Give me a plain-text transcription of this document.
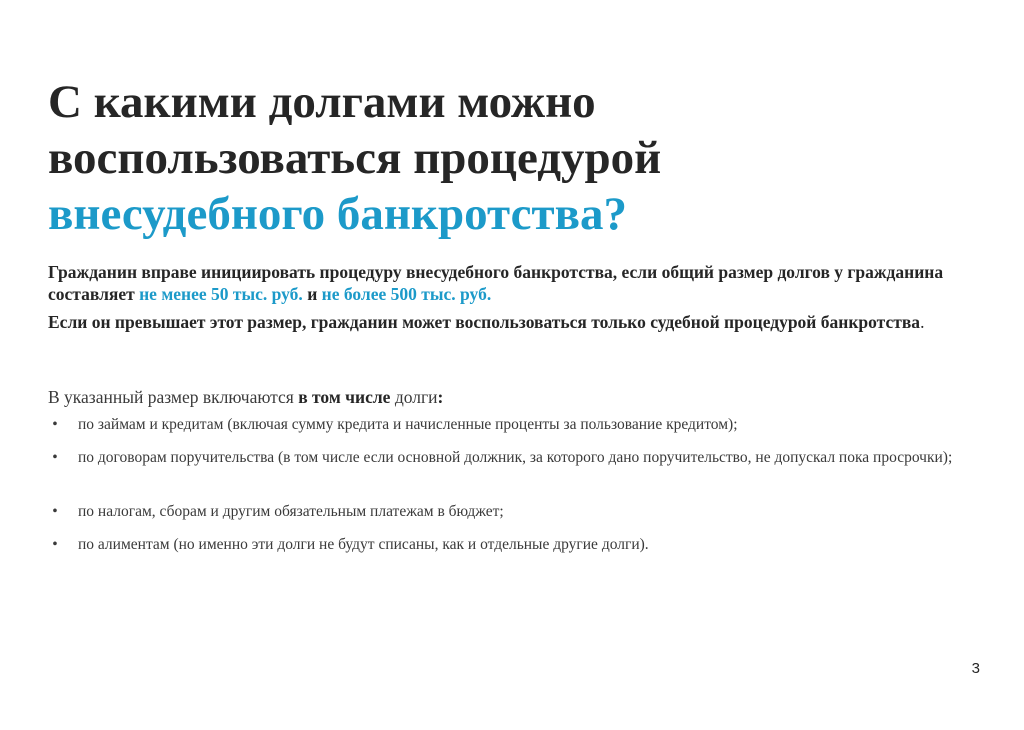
С какими долгами можно
воспользоваться процедурой
внесудебного банкротства?

Гражданин вправе инициировать процедуру внесудебного банкротства, если общий размер долгов у гражданина составляет не менее 50 тыс. руб. и не более 500 тыс. руб.

Если он превышает этот размер, гражданин может воспользоваться только судебной процедурой банкротства.

В указанный размер включаются в том числе долги:
• по займам и кредитам (включая сумму кредита и начисленные проценты за пользование кредитом);
• по договорам поручительства (в том числе если основной должник, за которого дано поручительство, не допускал пока просрочки);
• по налогам, сборам и другим обязательным платежам в бюджет;
• по алиментам (но именно эти долги не будут списаны, как и отдельные другие долги).
3
